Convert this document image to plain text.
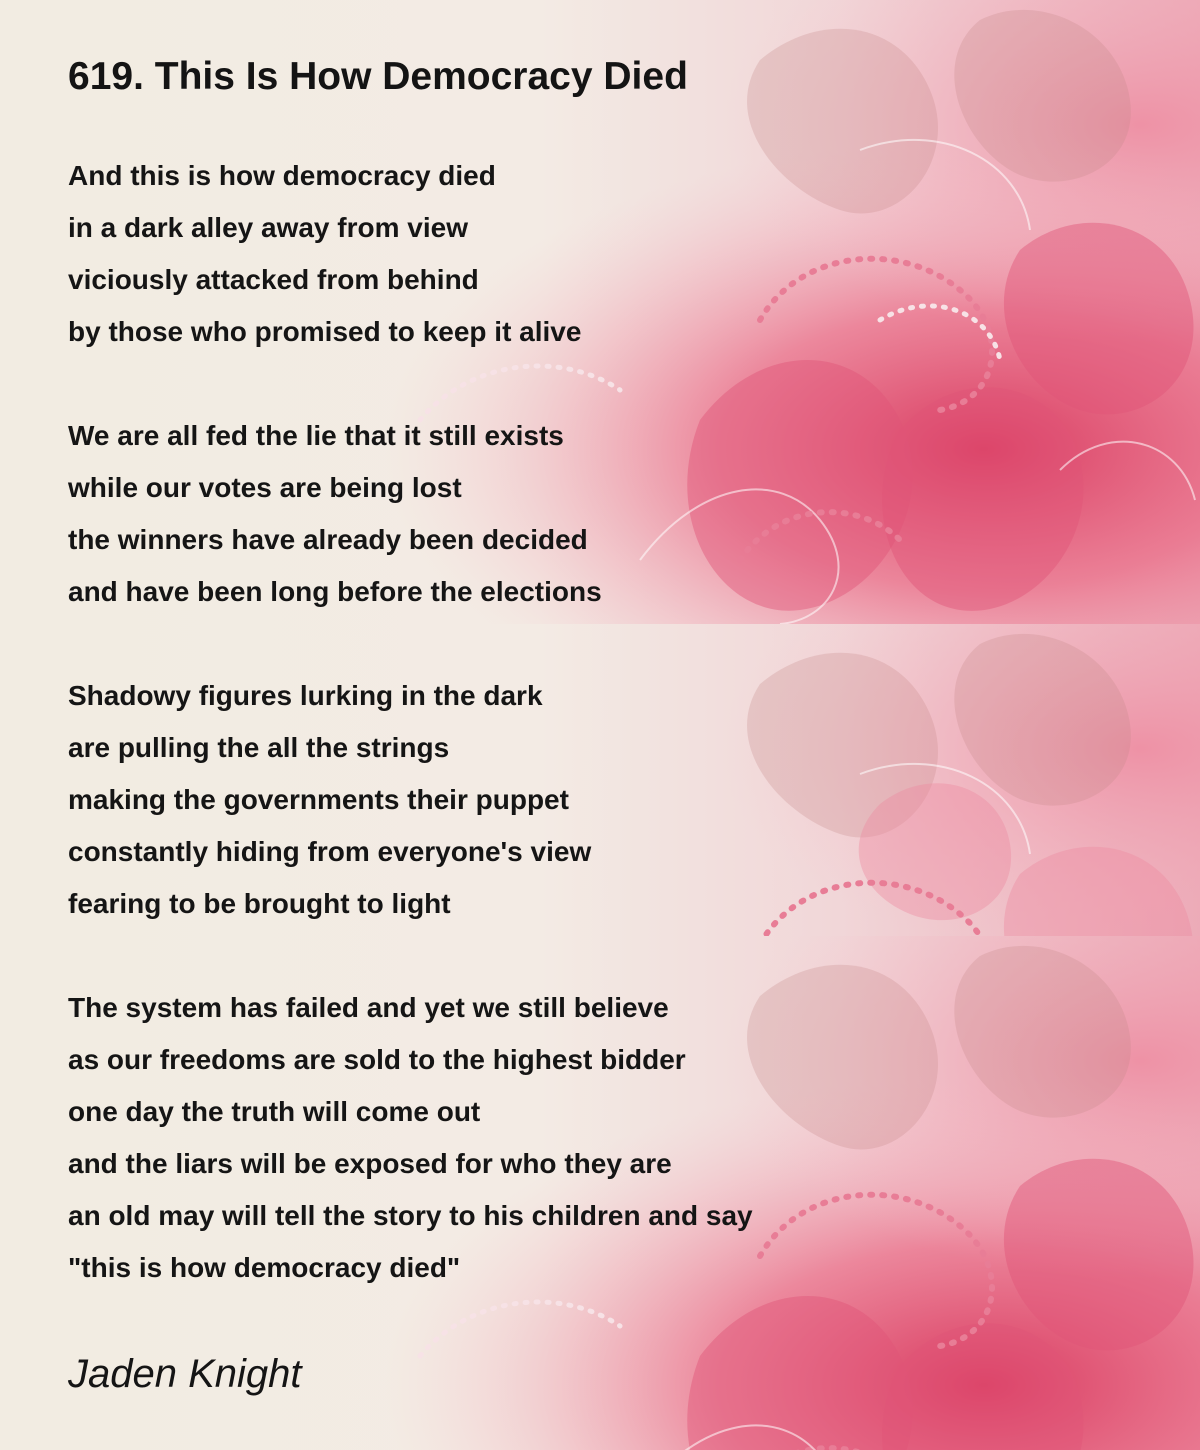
619. This Is How Democracy Died
And this is how democracy died
in a dark alley away from view
viciously attacked from behind
by those who promised to keep it alive
We are all fed the lie that it still exists
while our votes are being lost
the winners have already been decided
and have been long before the elections
Shadowy figures lurking in the dark
are pulling the all the strings
making the governments their puppet
constantly hiding from everyone's view
fearing to be brought to light
The system has failed and yet we still believe
as our freedoms are sold to the highest bidder
one day the truth will come out
and the liars will be exposed for who they are
an old may will tell the story to his children and say
"this is how democracy died"
Jaden Knight
